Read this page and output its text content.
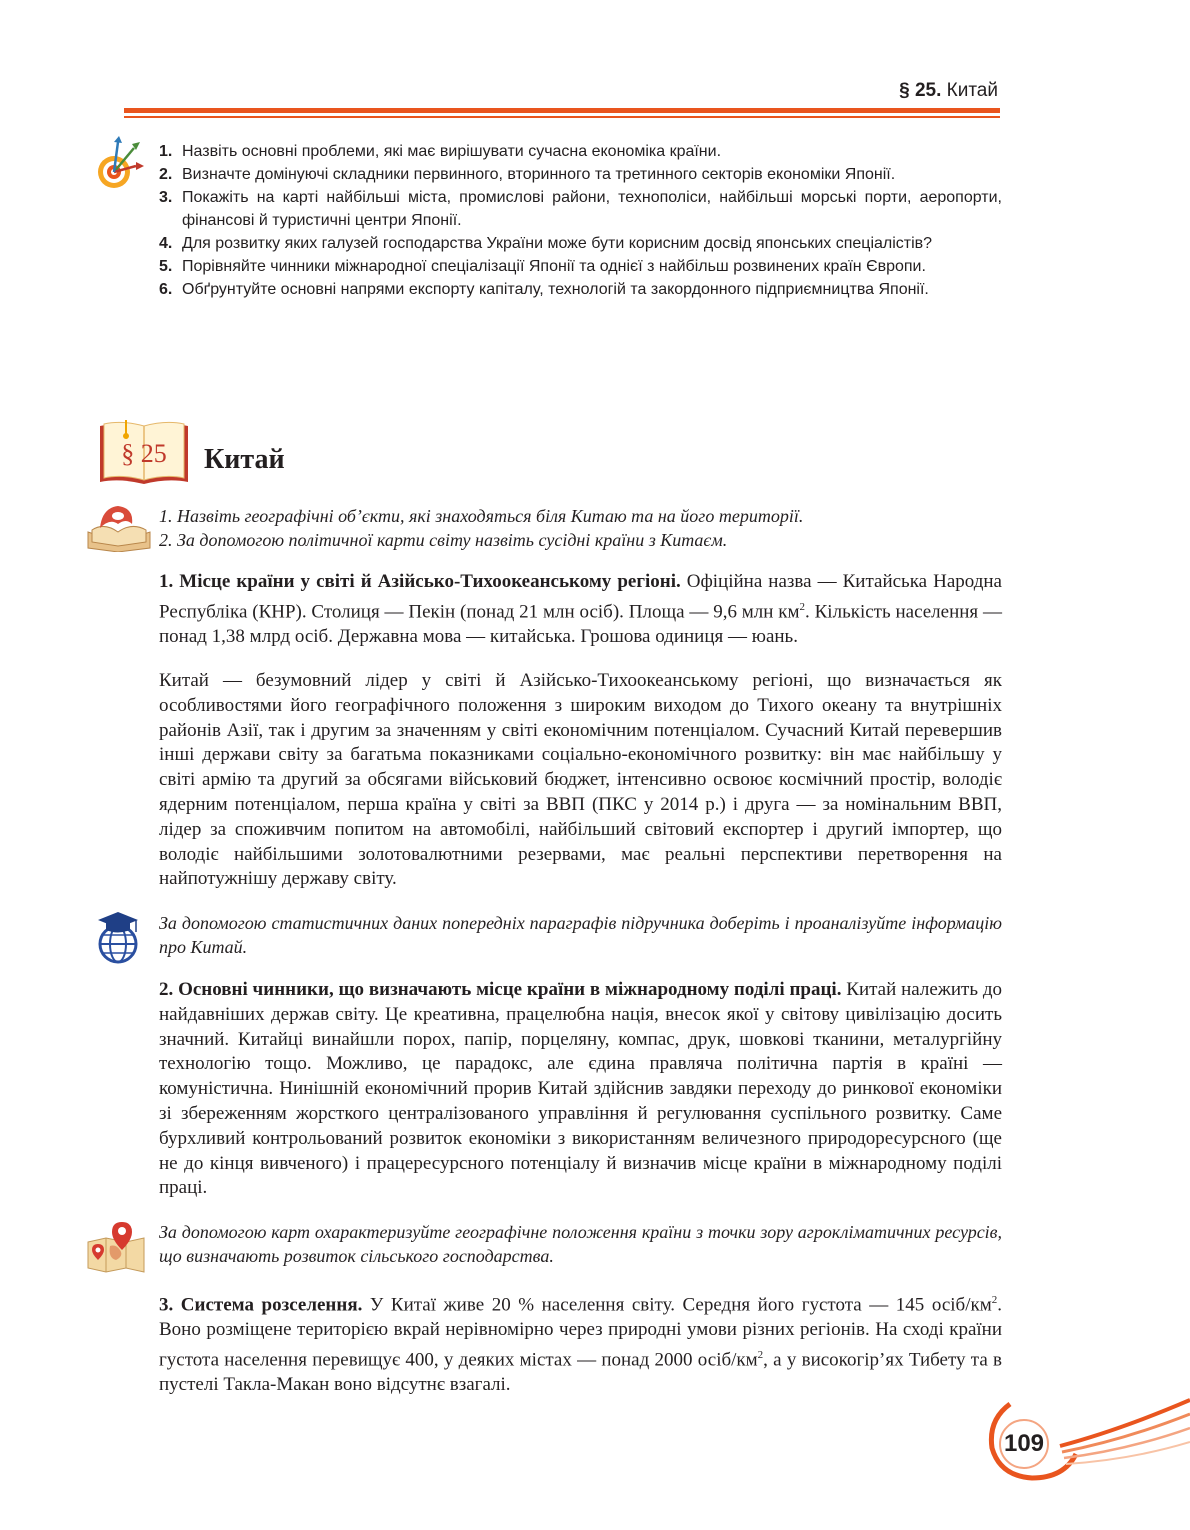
§ 25. Китай
1. Назвіть основні проблеми, які має вирішувати сучасна економіка країни.
2. Визначте домінуючі складники первинного, вторинного та третинного секторів економіки Японії.
3. Покажіть на карті найбільші міста, промислові райони, технополіси, найбільші морські порти, аеропорти, фінансові й туристичні центри Японії.
4. Для розвитку яких галузей господарства України може бути корисним досвід японських спеціалістів?
5. Порівняйте чинники міжнародної спеціалізації Японії та однієї з найбільш розвинених країн Європи.
6. Обґрунтуйте основні напрями експорту капіталу, технологій та закордонного підприємництва Японії.
§ 25 Китай
1. Назвіть географічні об’єкти, які знаходяться біля Китаю та на його території.
2. За допомогою політичної карти світу назвіть сусідні країни з Китаєм.

1. Місце країни у світі й Азійсько-Тихоокеанському регіоні. Офіційна назва — Китайська Народна Республіка (КНР). Столиця — Пекін (понад 21 млн осіб). Площа — 9,6 млн $км^2$. Кількість населення — понад 1,38 млрд осіб. Державна мова — китайська. Грошова одиниця — юань.

Китай — безумовний лідер у світі й Азійсько-Тихоокеанському регіоні, що визначається як особливостями його географічного положення з широким виходом до Тихого океану та внутрішніх районів Азії, так і другим за значенням у світі економічним потенціалом. Сучасний Китай перевершив інші держави світу за багатьма показниками соціально-економічного розвитку: він має найбільшу у світі армію та другий за обсягами військовий бюджет, інтенсивно освоює космічний простір, володіє ядерним потенціалом, перша країна у світі за ВВП (ПКС у 2014 р.) і друга — за номінальним ВВП, лідер за споживчим попитом на автомобілі, найбільший світовий експортер і другий імпортер, що володіє найбільшими золотовалютними резервами, має реальні перспективи перетворення на найпотужнішу державу світу.

За допомогою статистичних даних попередніх параграфів підручника доберіть і проаналізуйте інформацію про Китай.

2. Основні чинники, що визначають місце країни в міжнародному поділі праці. Китай належить до найдавніших держав світу. Це креативна, працелюбна нація, внесок якої у світову цивілізацію досить значний. Китайці винайшли порох, папір, порцеляну, компас, друк, шовкові тканини, металургійну технологію тощо. Можливо, це парадокс, але єдина правляча політична партія в країні — комуністична. Нинішній економічний прорив Китай здійснив завдяки переходу до ринкової економіки зі збереженням жорсткого централізованого управління й регулювання суспільного розвитку. Саме бурхливий контрольований розвиток економіки з використанням величезного природоресурсного (ще не до кінця вивченого) і працересурсного потенціалу й визначив місце країни в міжнародному поділі праці.

За допомогою карт охарактеризуйте географічне положення країни з точки зору агрокліматичних ресурсів, що визначають розвиток сільського господарства.

3. Система розселення. У Китаї живе 20 % населення світу. Середня його густота — 145 осіб/$км^2$. Воно розміщене територією вкрай нерівномірно через природні умови різних регіонів. На сході країни густота населення перевищує 400, у деяких містах — понад 2000 осіб/$км^2$, а у високогір’ях Тибету та в пустелі Такла-Макан воно відсутнє взагалі.

109
